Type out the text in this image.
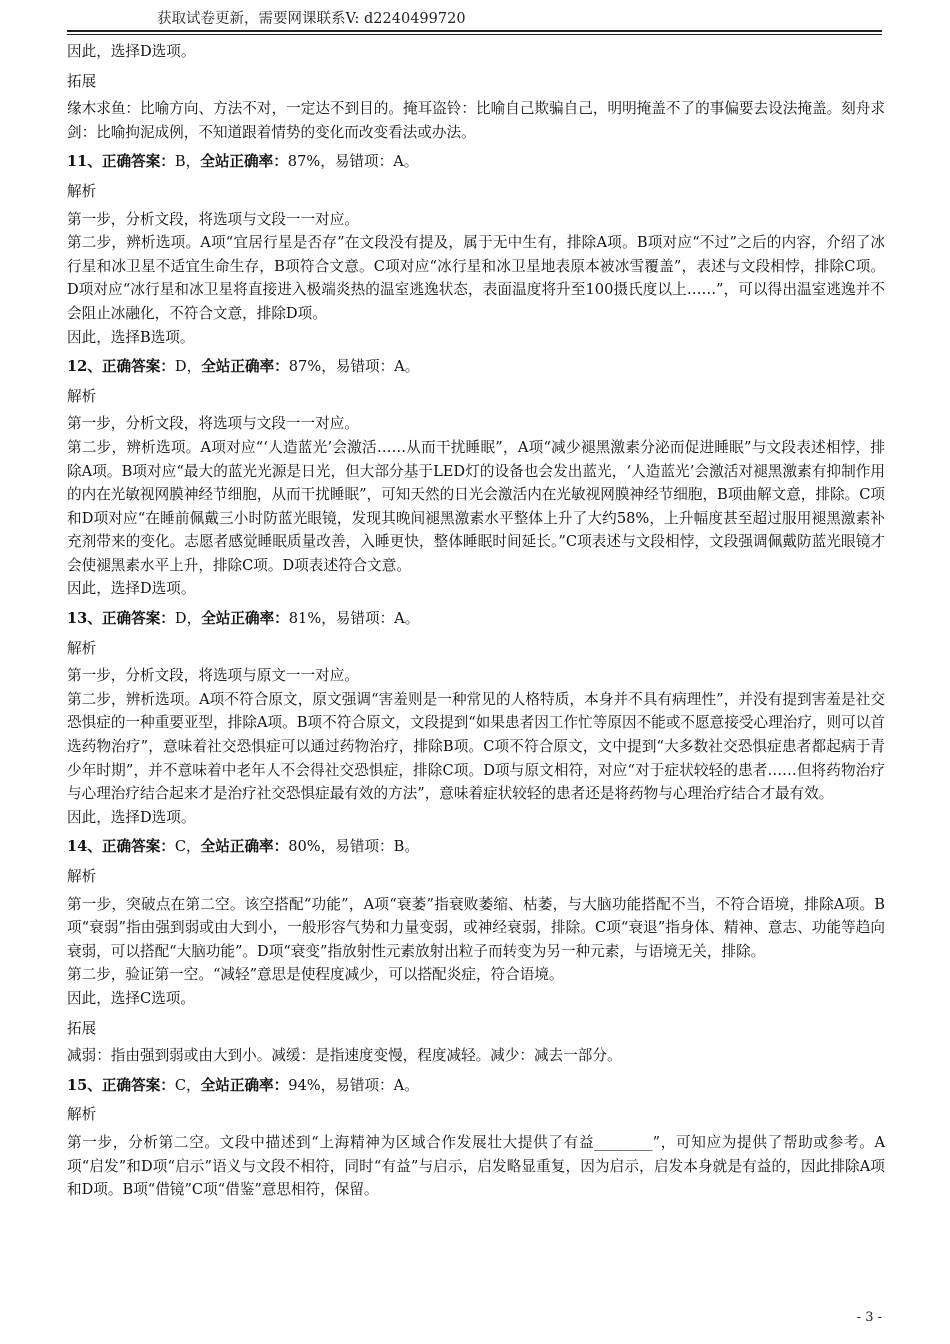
获取试卷更新，需要网课联系V: d2240499720

因此，选择D选项。

拓展

缘木求鱼：比喻方向、方法不对，一定达不到目的。掩耳盗铃：比喻自己欺骗自己，明明掩盖不了的事偏要去设法掩盖。刻舟求剑：比喻拘泥成例，不知道跟着情势的变化而改变看法或办法。

11、正确答案：B，全站正确率：87%，易错项：A。

解析

第一步，分析文段，将选项与文段一一对应。

第二步，辨析选项。A项“宜居行星是否存”在文段没有提及，属于无中生有，排除A项。B项对应“不过”之后的内容，介绍了冰行星和冰卫星不适宜生命生存，B项符合文意。C项对应“冰行星和冰卫星地表原本被冰雪覆盖”，表述与文段相悖，排除C项。D项对应“冰行星和冰卫星将直接进入极端炎热的温室逃逸状态，表面温度将升至100摄氏度以上……”，可以得出温室逃逸并不会阻止冰融化，不符合文意，排除D项。

因此，选择B选项。

12、正确答案：D，全站正确率：87%，易错项：A。

解析

第一步，分析文段，将选项与文段一一对应。

第二步，辨析选项。A项对应“‘人造蓝光’会激活……从而干扰睡眠”，A项“减少褪黑激素分泌而促进睡眠”与文段表述相悖，排除A项。B项对应“最大的蓝光光源是日光，但大部分基于LED灯的设备也会发出蓝光，‘人造蓝光’会激活对褪黑激素有抑制作用的内在光敏视网膜神经节细胞，从而干扰睡眠”，可知天然的日光会激活内在光敏视网膜神经节细胞，B项曲解文意，排除。C项和D项对应“在睡前佩戴三小时防蓝光眼镜，发现其晚间褪黑激素水平整体上升了大约58%，上升幅度甚至超过服用褪黑激素补充剂带来的变化。志愿者感觉睡眠质量改善，入睡更快，整体睡眠时间延长。”C项表述与文段相悖，文段强调佩戴防蓝光眼镜才会使褪黑素水平上升，排除C项。D项表述符合文意。

因此，选择D选项。

13、正确答案：D，全站正确率：81%，易错项：A。

解析

第一步，分析文段，将选项与原文一一对应。

第二步，辨析选项。A项不符合原文，原文强调“害羞则是一种常见的人格特质，本身并不具有病理性”，并没有提到害羞是社交恐惧症的一种重要亚型，排除A项。B项不符合原文，文段提到“如果患者因工作忙等原因不能或不愿意接受心理治疗，则可以首选药物治疗”，意味着社交恐惧症可以通过药物治疗，排除B项。C项不符合原文，文中提到“大多数社交恐惧症患者都起病于青少年时期”，并不意味着中老年人不会得社交恐惧症，排除C项。D项与原文相符，对应“对于症状较轻的患者……但将药物治疗与心理治疗结合起来才是治疗社交恐惧症最有效的方法”，意味着症状较轻的患者还是将药物与心理治疗结合才最有效。

因此，选择D选项。

14、正确答案：C，全站正确率：80%，易错项：B。

解析

第一步，突破点在第二空。该空搭配“功能”，A项“衰萎”指衰败萎缩、枯萎，与大脑功能搭配不当，不符合语境，排除A项。B项“衰弱”指由强到弱或由大到小，一般形容气势和力量变弱，或神经衰弱，排除。C项“衰退”指身体、精神、意志、功能等趋向衰弱，可以搭配“大脑功能”。D项“衰变”指放射性元素放射出粒子而转变为另一种元素，与语境无关，排除。

第二步，验证第一空。“减轻”意思是使程度减少，可以搭配炎症，符合语境。

因此，选择C选项。

拓展

减弱：指由强到弱或由大到小。减缓：是指速度变慢，程度减轻。减少：减去一部分。

15、正确答案：C，全站正确率：94%，易错项：A。

解析

第一步，分析第二空。文段中描述到“上海精神为区域合作发展壮大提供了有益________”，可知应为提供了帮助或参考。A项“启发”和D项“启示”语义与文段不相符，同时“有益”与启示，启发略显重复，因为启示，启发本身就是有益的，因此排除A项和D项。B项“借镜”C项“借鉴”意思相符，保留。

- 3 -
